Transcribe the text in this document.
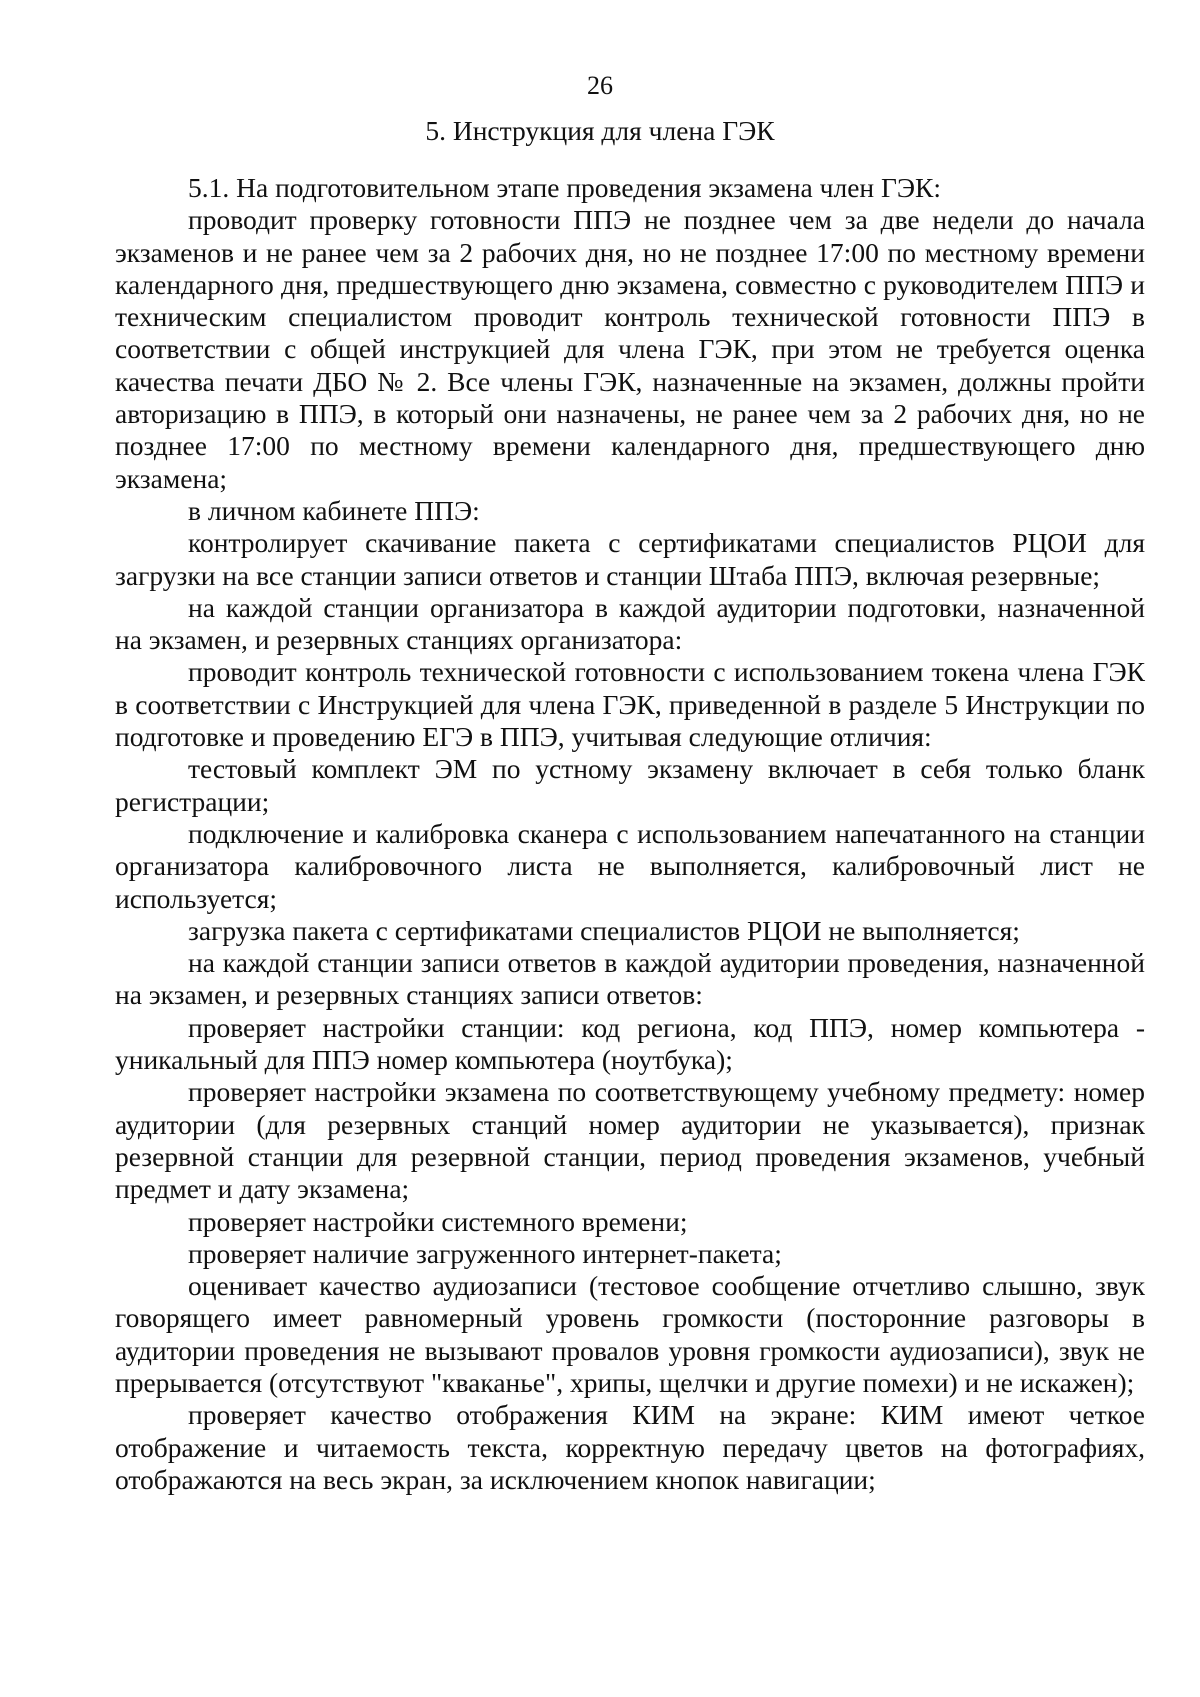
26
5. Инструкция для члена ГЭК

5.1. На подготовительном этапе проведения экзамена член ГЭК:

проводит проверку готовности ППЭ не позднее чем за две недели до начала экзаменов и не ранее чем за 2 рабочих дня, но не позднее 17:00 по местному времени календарного дня, предшествующего дню экзамена, совместно с руководителем ППЭ и техническим специалистом проводит контроль технической готовности ППЭ в соответствии с общей инструкцией для члена ГЭК, при этом не требуется оценка качества печати ДБО № 2. Все члены ГЭК, назначенные на экзамен, должны пройти авторизацию в ППЭ, в который они назначены, не ранее чем за 2 рабочих дня, но не позднее 17:00 по местному времени календарного дня, предшествующего дню экзамена;

в личном кабинете ППЭ:

контролирует скачивание пакета с сертификатами специалистов РЦОИ для загрузки на все станции записи ответов и станции Штаба ППЭ, включая резервные;

на каждой станции организатора в каждой аудитории подготовки, назначенной на экзамен, и резервных станциях организатора:

проводит контроль технической готовности с использованием токена члена ГЭК в соответствии с Инструкцией для члена ГЭК, приведенной в разделе 5 Инструкции по подготовке и проведению ЕГЭ в ППЭ, учитывая следующие отличия:

тестовый комплект ЭМ по устному экзамену включает в себя только бланк регистрации;

подключение и калибровка сканера с использованием напечатанного на станции организатора калибровочного листа не выполняется, калибровочный лист не используется;

загрузка пакета с сертификатами специалистов РЦОИ не выполняется;

на каждой станции записи ответов в каждой аудитории проведения, назначенной на экзамен, и резервных станциях записи ответов:

проверяет настройки станции: код региона, код ППЭ, номер компьютера - уникальный для ППЭ номер компьютера (ноутбука);

проверяет настройки экзамена по соответствующему учебному предмету: номер аудитории (для резервных станций номер аудитории не указывается), признак резервной станции для резервной станции, период проведения экзаменов, учебный предмет и дату экзамена;

проверяет настройки системного времени;

проверяет наличие загруженного интернет-пакета;

оценивает качество аудиозаписи (тестовое сообщение отчетливо слышно, звук говорящего имеет равномерный уровень громкости (посторонние разговоры в аудитории проведения не вызывают провалов уровня громкости аудиозаписи), звук не прерывается (отсутствуют "кваканье", хрипы, щелчки и другие помехи) и не искажен);

проверяет качество отображения КИМ на экране: КИМ имеют четкое отображение и читаемость текста, корректную передачу цветов на фотографиях, отображаются на весь экран, за исключением кнопок навигации;
